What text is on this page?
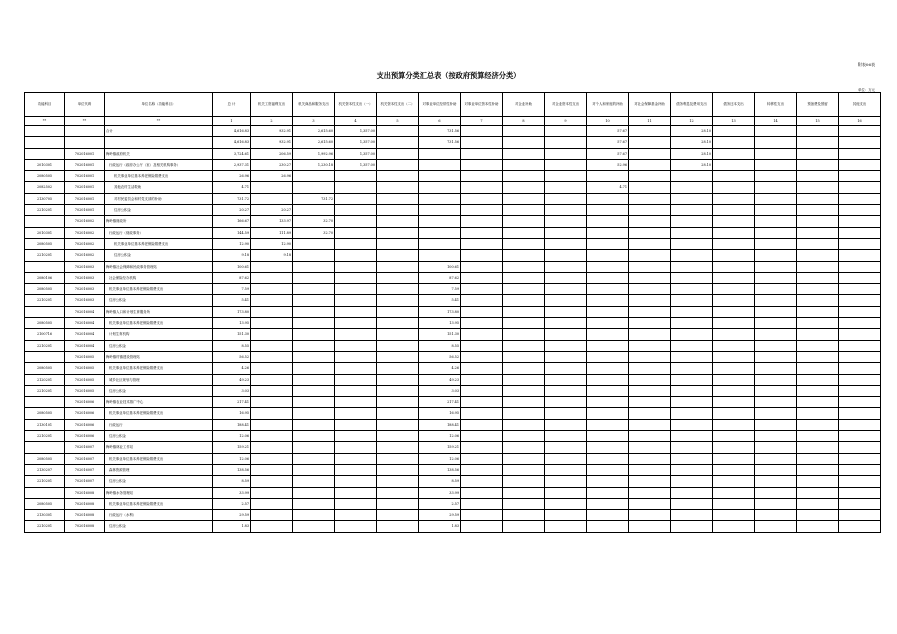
附表06表
支出预算分类汇总表（按政府预算经济分类）
单位：万元
功能科目	单位代码	单位名称（功能科目）	总 计	机关工资福利支出	机关商品和服务支出	机关资本性支出（一）	机关资本性支出（二）	对事业单位经常性补助	对事业单位资本性补助	对企业补助	对企业资本性支出	对个人和家庭的补助	对社会保障基金补助	债务利息及费用支出	债务还本支出	转移性支出	预备费及预留	其他支出
**	**	**	1	2	3	4	5	6	7	8	9	10	11	12	13	14	15	16
		合计	4,616.83	932.91	2,615.60	1,357.00		731.56				57.67		28.10				
			4,616.83	932.91	2,615.60	1,357.00		731.56				57.67		28.10				
	702016001	梅岭镇政府机关	3,724.61	206.59	1,992.96	1,357.00						57.67		28.10				
2010301	702016001	行政运行（政府办公厅（室）及相关机构事务）	2,937.31	230.27	1,230.18	1,357.00						52.96		28.10				
2080505	702016001	机关事业单位基本养老保险缴费支出	26.96	26.96														
2082502	702016001	其他农村生活救助	4.71									4.71						
2130705	702016001	对村民委员会和村党支部的补助	731.72		731.72													
2210201	702016001	住房公积金	20.27	20.27														
	702016002	梅岭镇财政所	166.67	133.97	32.70													
2010301	702016002	行政运行（财政事务）	144.59	111.89	32.70													
2080505	702016002	机关事业单位基本养老保险缴费支出	12.90	12.90														
2210201	702016002	住房公积金	9.18	9.18														
	702016003	梅岭镇社会保障和民政事务管理站	100.61					100.61										
2080106	702016003	社会保险经办机构	87.62					87.62										
2080505	702016003	机关事业单位基本养老保险缴费支出	7.59					7.59										
2210201	702016003	住房公积金	5.41					5.41										
	702016004	梅岭镇人口和计划生育服务所	173.80					173.80										
2080505	702016004	机关事业单位基本养老保险缴费支出	13.95					13.95										
2100716	702016004	计划生育机构	151.30					151.30										
2210201	702016004	住房公积金	8.55					8.55										
	702016005	梅岭镇村镇建设管理站	56.52					56.52										
2080505	702016005	机关事业单位基本养老保险缴费支出	4.26					4.26										
2120201	702016005	城乡社区规划与管理	49.23					49.23										
2210201	702016005	住房公积金	3.03					3.03										
	702016006	梅岭镇农业技术推广中心	217.41					217.41										
2080505	702016006	机关事业单位基本养老保险缴费支出	16.95					16.95										
2130101	702016006	行政运行	188.41					188.41										
2210201	702016006	住房公积金	12.06					12.06										
	702016007	梅岭镇林业工作站	159.21					159.21										
2080505	702016007	机关事业单位基本养老保险缴费支出	12.06					12.06										
2130207	702016007	森林资源管理	138.56					138.56										
2210201	702016007	住房公积金	8.59					8.59										
	702016008	梅岭镇水务管理站	33.99					33.99										
2080505	702016008	机关事业单位基本养老保险缴费支出	2.57					2.57										
2130301	702016008	行政运行（水利）	29.59					29.59										
2210201	702016008	住房公积金	1.83					1.83										
